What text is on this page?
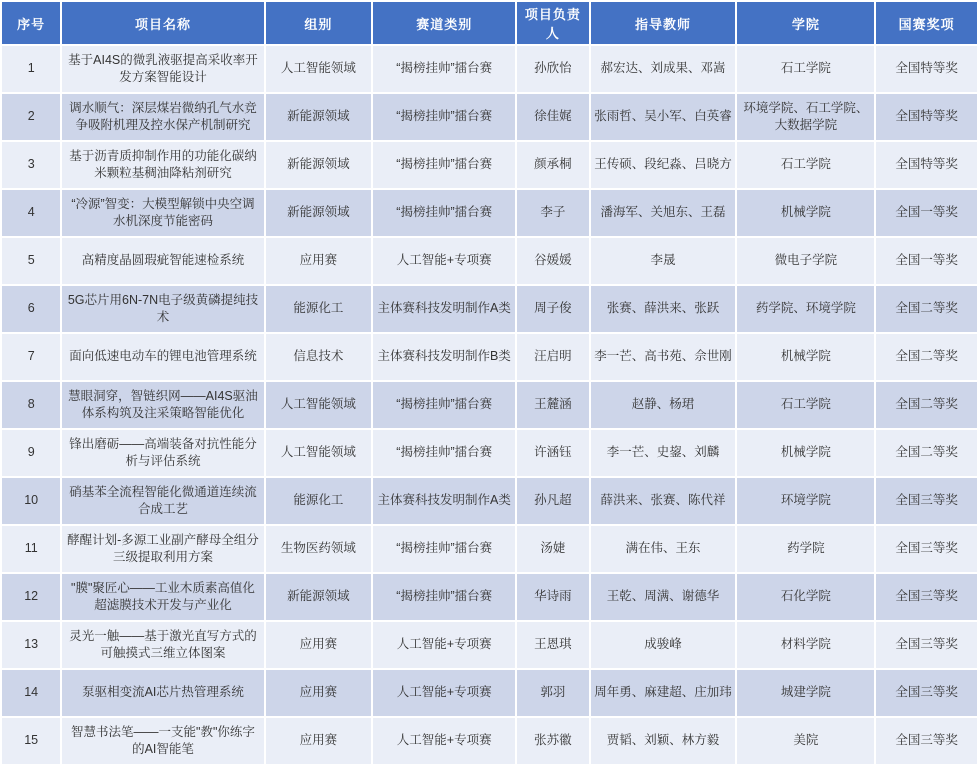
序号	项目名称	组别	赛道类别	项目负责人	指导教师	学院	国赛奖项
1	基于AI4S的微乳液驱提高采收率开发方案智能设计	人工智能领域	“揭榜挂帅”擂台赛	孙欣怡	郝宏达、刘成果、邓嵩	石工学院	全国特等奖
2	调水顺气：深层煤岩微纳孔气水竞争吸附机理及控水保产机制研究	新能源领域	“揭榜挂帅”擂台赛	徐佳娓	张雨哲、吴小军、白英睿	环境学院、石工学院、大数据学院	全国特等奖
3	基于沥青质抑制作用的功能化碳纳米颗粒基稠油降粘剂研究	新能源领域	“揭榜挂帅”擂台赛	颜承桐	王传硕、段纪淼、吕晓方	石工学院	全国特等奖
4	“冷源”智变：大模型解锁中央空调水机深度节能密码	新能源领域	“揭榜挂帅”擂台赛	李子	潘海军、关旭东、王磊	机械学院	全国一等奖
5	高精度晶圆瑕疵智能速检系统	应用赛	人工智能+专项赛	谷媛媛	李晟	微电子学院	全国一等奖
6	5G芯片用6N-7N电子级黄磷提纯技术	能源化工	主体赛科技发明制作A类	周子俊	张赛、薛洪来、张跃	药学院、环境学院	全国二等奖
7	面向低速电动车的锂电池管理系统	信息技术	主体赛科技发明制作B类	汪启明	李一芒、高书苑、佘世刚	机械学院	全国二等奖
8	慧眼洞穿，智链织网——AI4S驱油体系构筑及注采策略智能优化	人工智能领域	“揭榜挂帅”擂台赛	王麓涵	赵静、杨珺	石工学院	全国二等奖
9	锋出磨砺——高端装备对抗性能分析与评估系统	人工智能领域	“揭榜挂帅”擂台赛	许涵钰	李一芒、史鋆、刘麟	机械学院	全国二等奖
10	硝基苯全流程智能化微通道连续流合成工艺	能源化工	主体赛科技发明制作A类	孙凡超	薛洪来、张赛、陈代祥	环境学院	全国三等奖
11	酵醒计划-多源工业副产酵母全组分三级提取利用方案	生物医药领域	“揭榜挂帅”擂台赛	汤婕	满在伟、王东	药学院	全国三等奖
12	"膜"聚匠心——工业木质素高值化超滤膜技术开发与产业化	新能源领域	“揭榜挂帅”擂台赛	华诗雨	王乾、周满、谢德华	石化学院	全国三等奖
13	灵光一触——基于激光直写方式的可触摸式三维立体图案	应用赛	人工智能+专项赛	王恩琪	成骏峰	材料学院	全国三等奖
14	泵驱相变流AI芯片热管理系统	应用赛	人工智能+专项赛	郭羽	周年勇、麻建超、庄加玮	城建学院	全国三等奖
15	智慧书法笔——一支能"教"你练字的AI智能笔	应用赛	人工智能+专项赛	张苏徽	贾韬、刘颖、林方毅	美院	全国三等奖
